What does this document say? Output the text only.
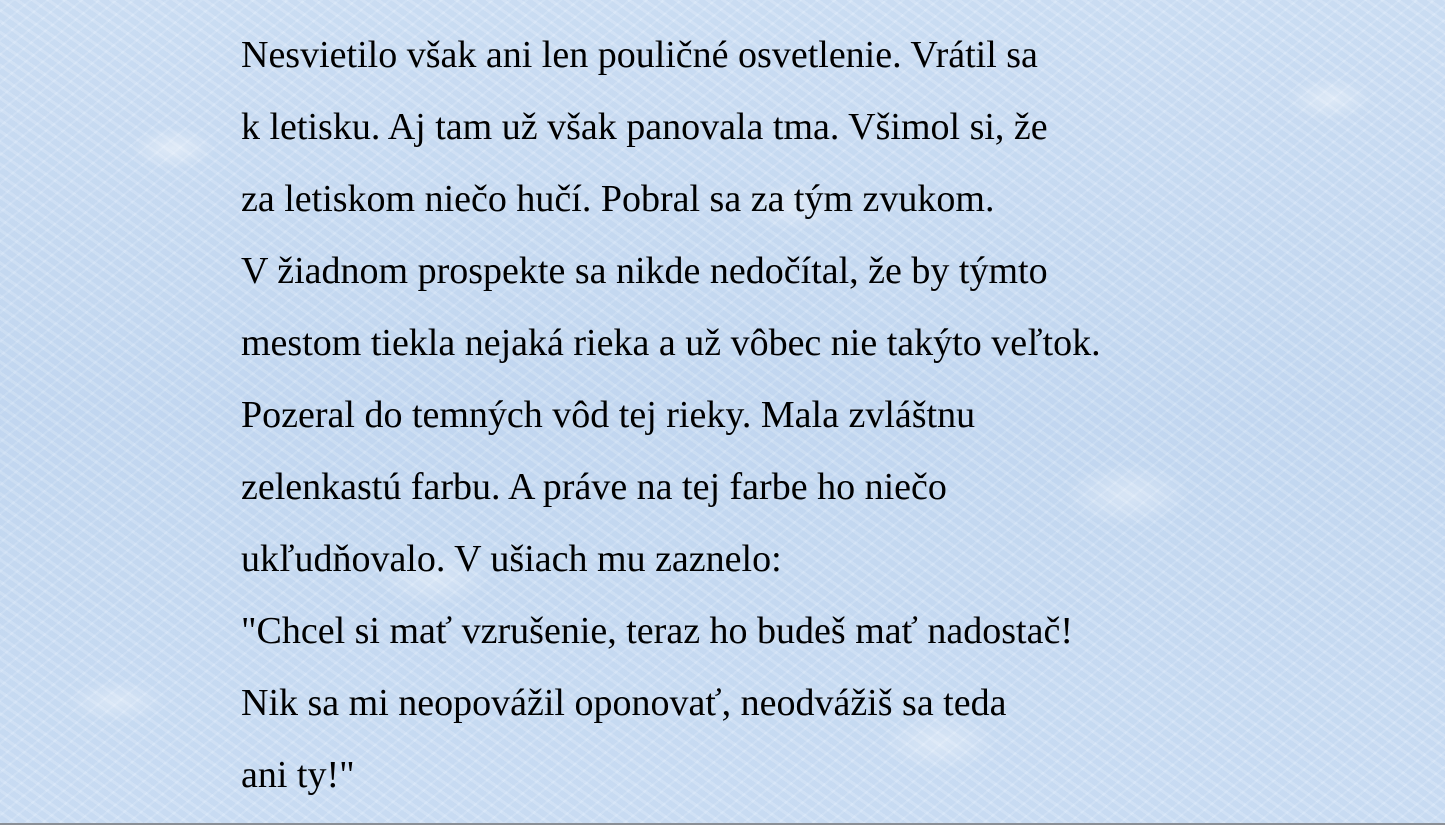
Nesvietilo však ani len pouličné osvetlenie. Vrátil sa
k letisku. Aj tam už však panovala tma. Všimol si, že
za letiskom niečo hučí. Pobral sa za tým zvukom.
V žiadnom prospekte sa nikde nedočítal, že by týmto
mestom tiekla nejaká rieka a už vôbec nie takýto veľtok.
Pozeral do temných vôd tej rieky. Mala zvláštnu
zelenkastú farbu. A práve na tej farbe ho niečo
ukľudňovalo. V ušiach mu zaznelo:
"Chcel si mať vzrušenie, teraz ho budeš mať nadostač!
Nik sa mi neopovážil oponovať, neodvážiš sa teda
ani ty!"
